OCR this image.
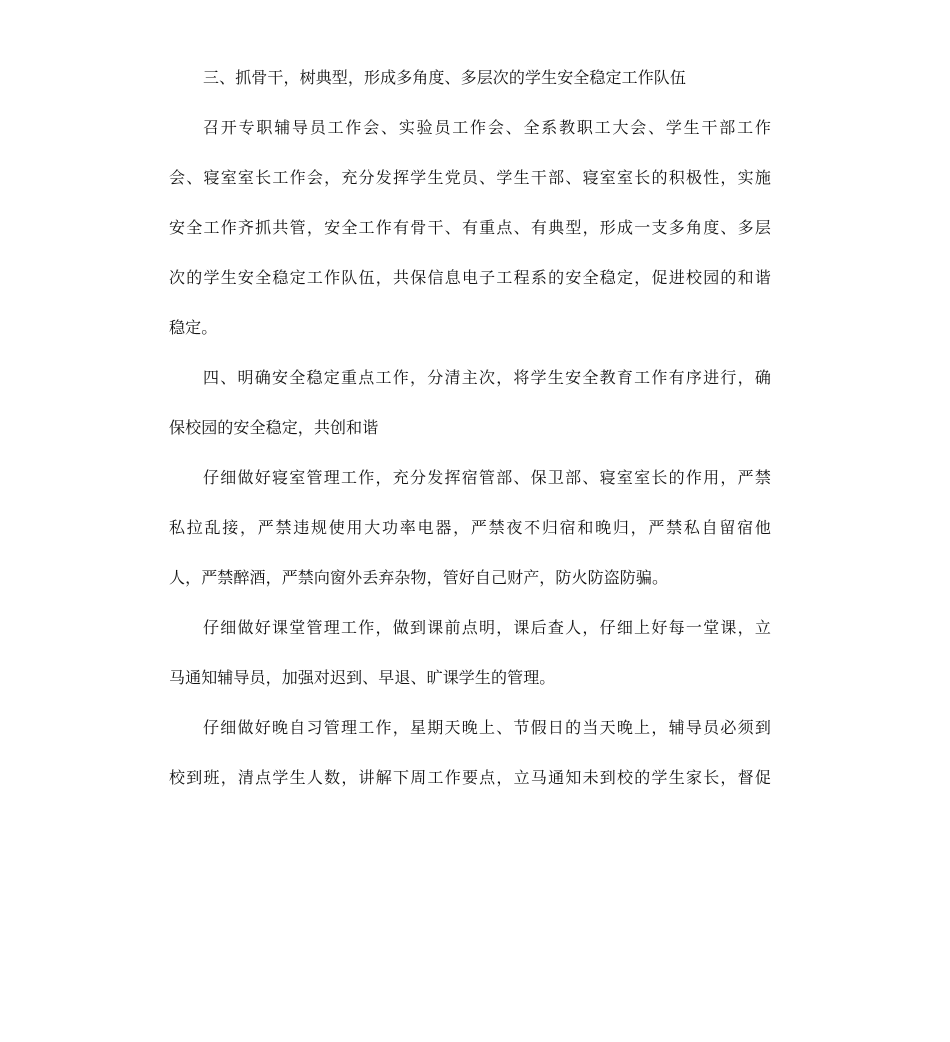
三、抓骨干，树典型，形成多角度、多层次的学生安全稳定工作队伍
召开专职辅导员工作会、实验员工作会、全系教职工大会、学生干部工作
会、寝室室长工作会，充分发挥学生党员、学生干部、寝室室长的积极性，实施
安全工作齐抓共管，安全工作有骨干、有重点、有典型，形成一支多角度、多层
次的学生安全稳定工作队伍，共保信息电子工程系的安全稳定，促进校园的和谐
稳定。
四、明确安全稳定重点工作，分清主次，将学生安全教育工作有序进行，确
保校园的安全稳定，共创和谐
仔细做好寝室管理工作，充分发挥宿管部、保卫部、寝室室长的作用，严禁
私拉乱接，严禁违规使用大功率电器，严禁夜不归宿和晚归，严禁私自留宿他
人，严禁醉酒，严禁向窗外丢弃杂物，管好自己财产，防火防盗防骗。
仔细做好课堂管理工作，做到课前点明，课后查人，仔细上好每一堂课，立
马通知辅导员，加强对迟到、早退、旷课学生的管理。
仔细做好晚自习管理工作，星期天晚上、节假日的当天晚上，辅导员必须到
校到班，清点学生人数，讲解下周工作要点，立马通知未到校的学生家长，督促
